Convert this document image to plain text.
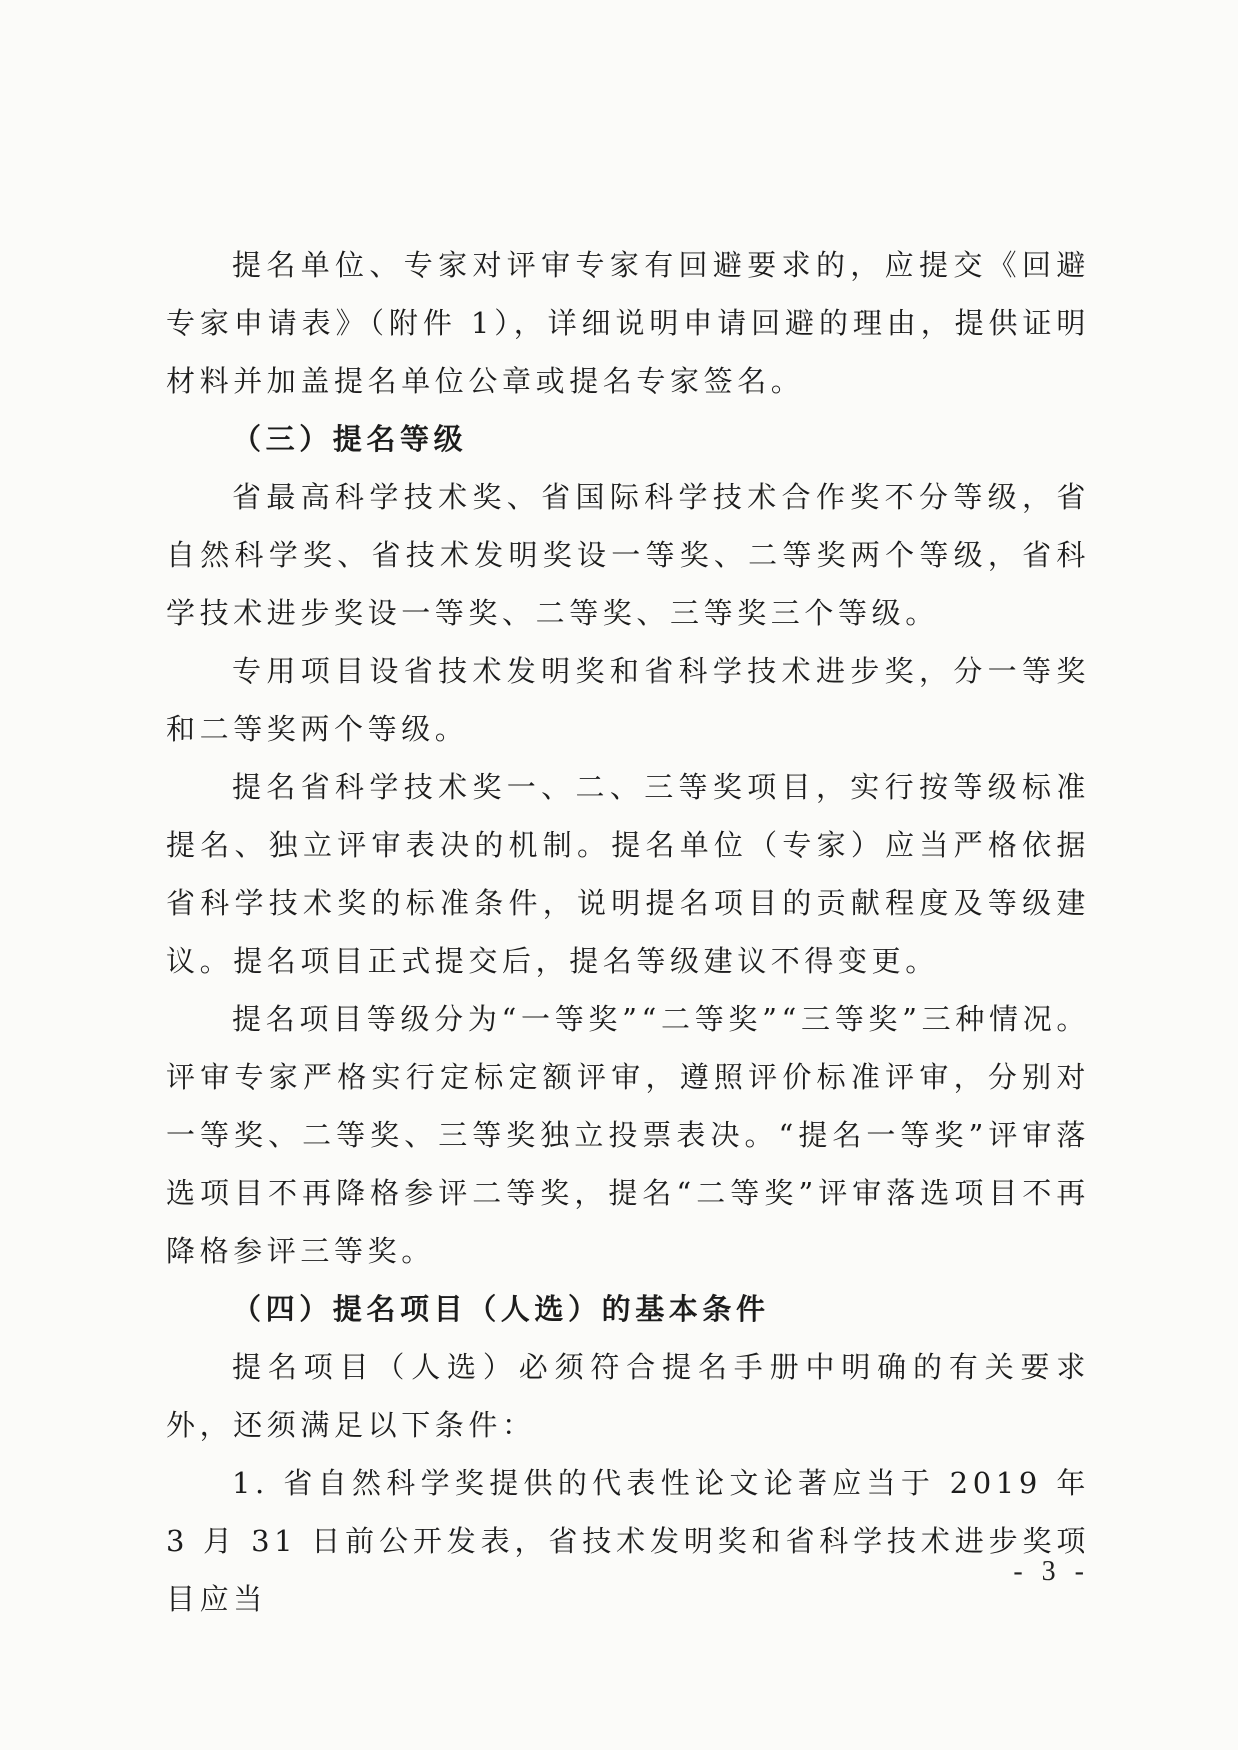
提名单位、专家对评审专家有回避要求的，应提交《回避专家申请表》（附件 1），详细说明申请回避的理由，提供证明材料并加盖提名单位公章或提名专家签名。

（三）提名等级

省最高科学技术奖、省国际科学技术合作奖不分等级，省自然科学奖、省技术发明奖设一等奖、二等奖两个等级，省科学技术进步奖设一等奖、二等奖、三等奖三个等级。

专用项目设省技术发明奖和省科学技术进步奖，分一等奖和二等奖两个等级。

提名省科学技术奖一、二、三等奖项目，实行按等级标准提名、独立评审表决的机制。提名单位（专家）应当严格依据省科学技术奖的标准条件，说明提名项目的贡献程度及等级建议。提名项目正式提交后，提名等级建议不得变更。

提名项目等级分为“一等奖”“二等奖”“三等奖”三种情况。评审专家严格实行定标定额评审，遵照评价标准评审，分别对一等奖、二等奖、三等奖独立投票表决。“提名一等奖”评审落选项目不再降格参评二等奖，提名“二等奖”评审落选项目不再降格参评三等奖。

（四）提名项目（人选）的基本条件

提名项目（人选）必须符合提名手册中明确的有关要求外，还须满足以下条件：

1. 省自然科学奖提供的代表性论文论著应当于 2019 年 3 月 31 日前公开发表，省技术发明奖和省科学技术进步奖项目应当

- 3 -
